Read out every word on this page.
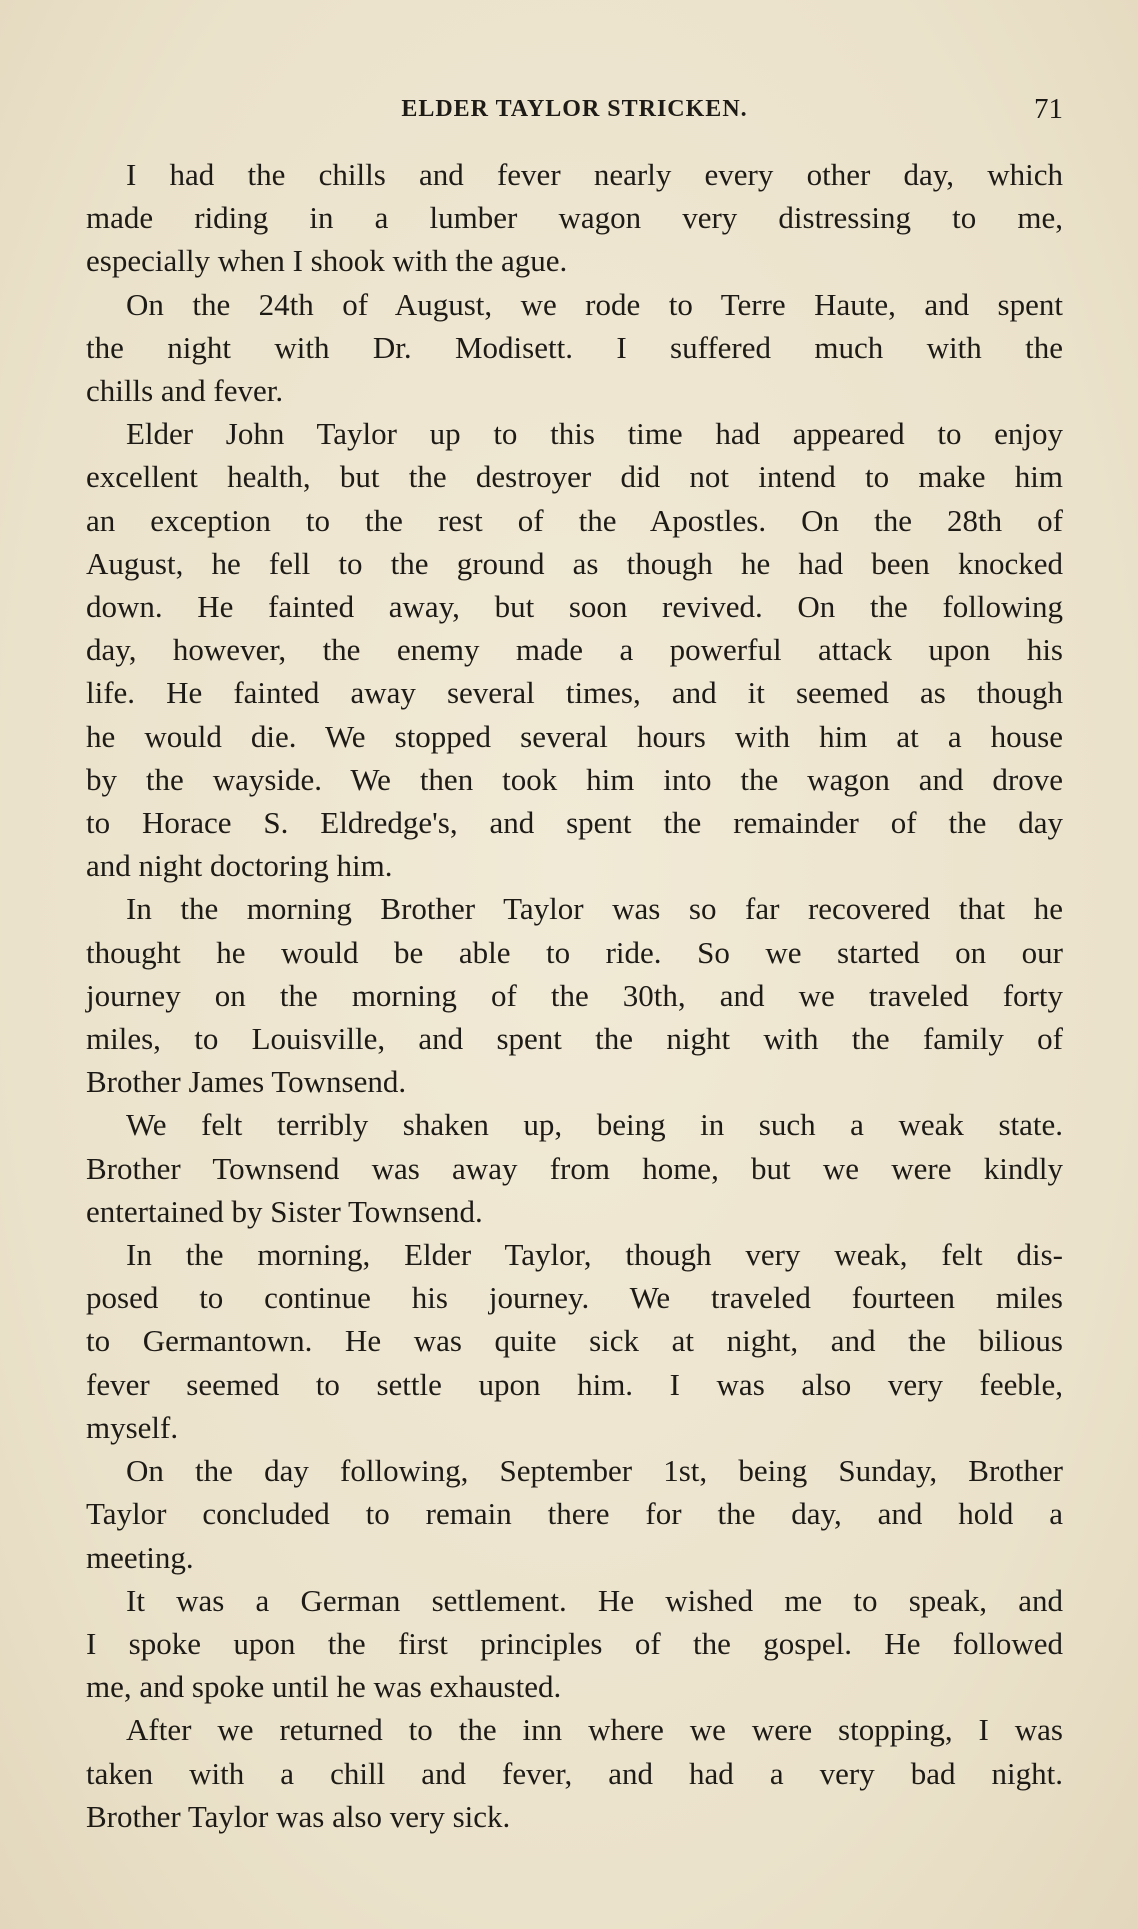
ELDER TAYLOR STRICKEN.	71

I had the chills and fever nearly every other day, which
made riding in a lumber wagon very distressing to me,
especially when I shook with the ague.

On the 24th of August, we rode to Terre Haute, and spent
the night with Dr. Modisett. I suffered much with the
chills and fever.

Elder John Taylor up to this time had appeared to enjoy
excellent health, but the destroyer did not intend to make him
an exception to the rest of the Apostles. On the 28th of
August, he fell to the ground as though he had been knocked
down. He fainted away, but soon revived. On the following
day, however, the enemy made a powerful attack upon his
life. He fainted away several times, and it seemed as though
he would die. We stopped several hours with him at a house
by the wayside. We then took him into the wagon and drove
to Horace S. Eldredge's, and spent the remainder of the day
and night doctoring him.

In the morning Brother Taylor was so far recovered that he
thought he would be able to ride. So we started on our
journey on the morning of the 30th, and we traveled forty
miles, to Louisville, and spent the night with the family of
Brother James Townsend.

We felt terribly shaken up, being in such a weak state.
Brother Townsend was away from home, but we were kindly
entertained by Sister Townsend.

In the morning, Elder Taylor, though very weak, felt dis-
posed to continue his journey. We traveled fourteen miles
to Germantown. He was quite sick at night, and the bilious
fever seemed to settle upon him. I was also very feeble,
myself.

On the day following, September 1st, being Sunday, Brother
Taylor concluded to remain there for the day, and hold a
meeting.

It was a German settlement. He wished me to speak, and
I spoke upon the first principles of the gospel. He followed
me, and spoke until he was exhausted.

After we returned to the inn where we were stopping, I was
taken with a chill and fever, and had a very bad night.
Brother Taylor was also very sick.
